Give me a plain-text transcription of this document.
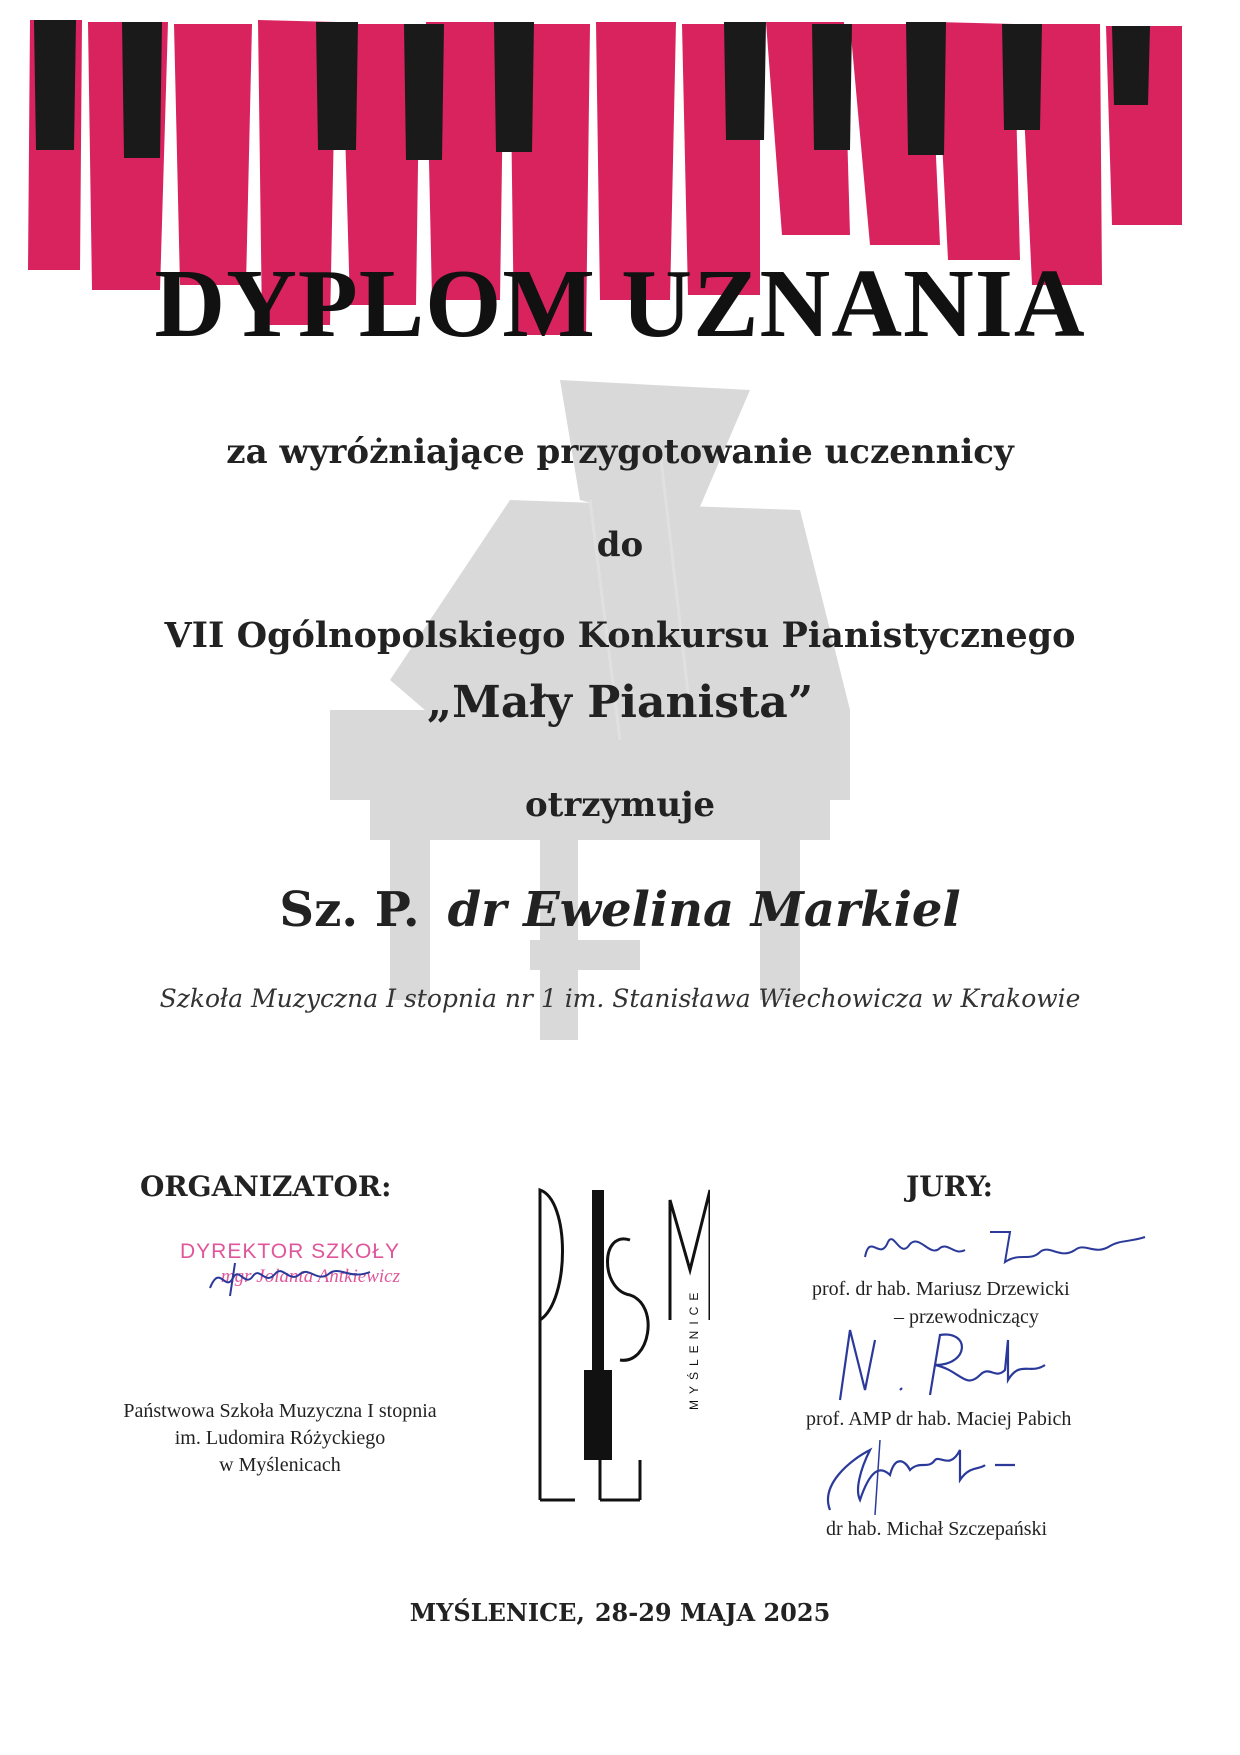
DYPLOM UZNANIA

za wyróżniające przygotowanie uczennicy

do

VII Ogólnopolskiego Konkursu Pianistycznego

„Mały Pianista”

otrzymuje

Sz. P. dr Ewelina Markiel
Szkoła Muzyczna I stopnia nr 1 im. Stanisława Wiechowicza w Krakowie
ORGANIZATOR:
DYREKTOR SZKOŁY
mgr Jolanta Antkiewicz
Państwowa Szkoła Muzyczna I stopnia
im. Ludomira Różyckiego
w Myślenicach
MYŚLENICE
JURY:
prof. dr hab. Mariusz Drzewicki
– przewodniczący
prof. AMP dr hab. Maciej Pabich
dr hab. Michał Szczepański
MYŚLENICE, 28-29 MAJA 2025
